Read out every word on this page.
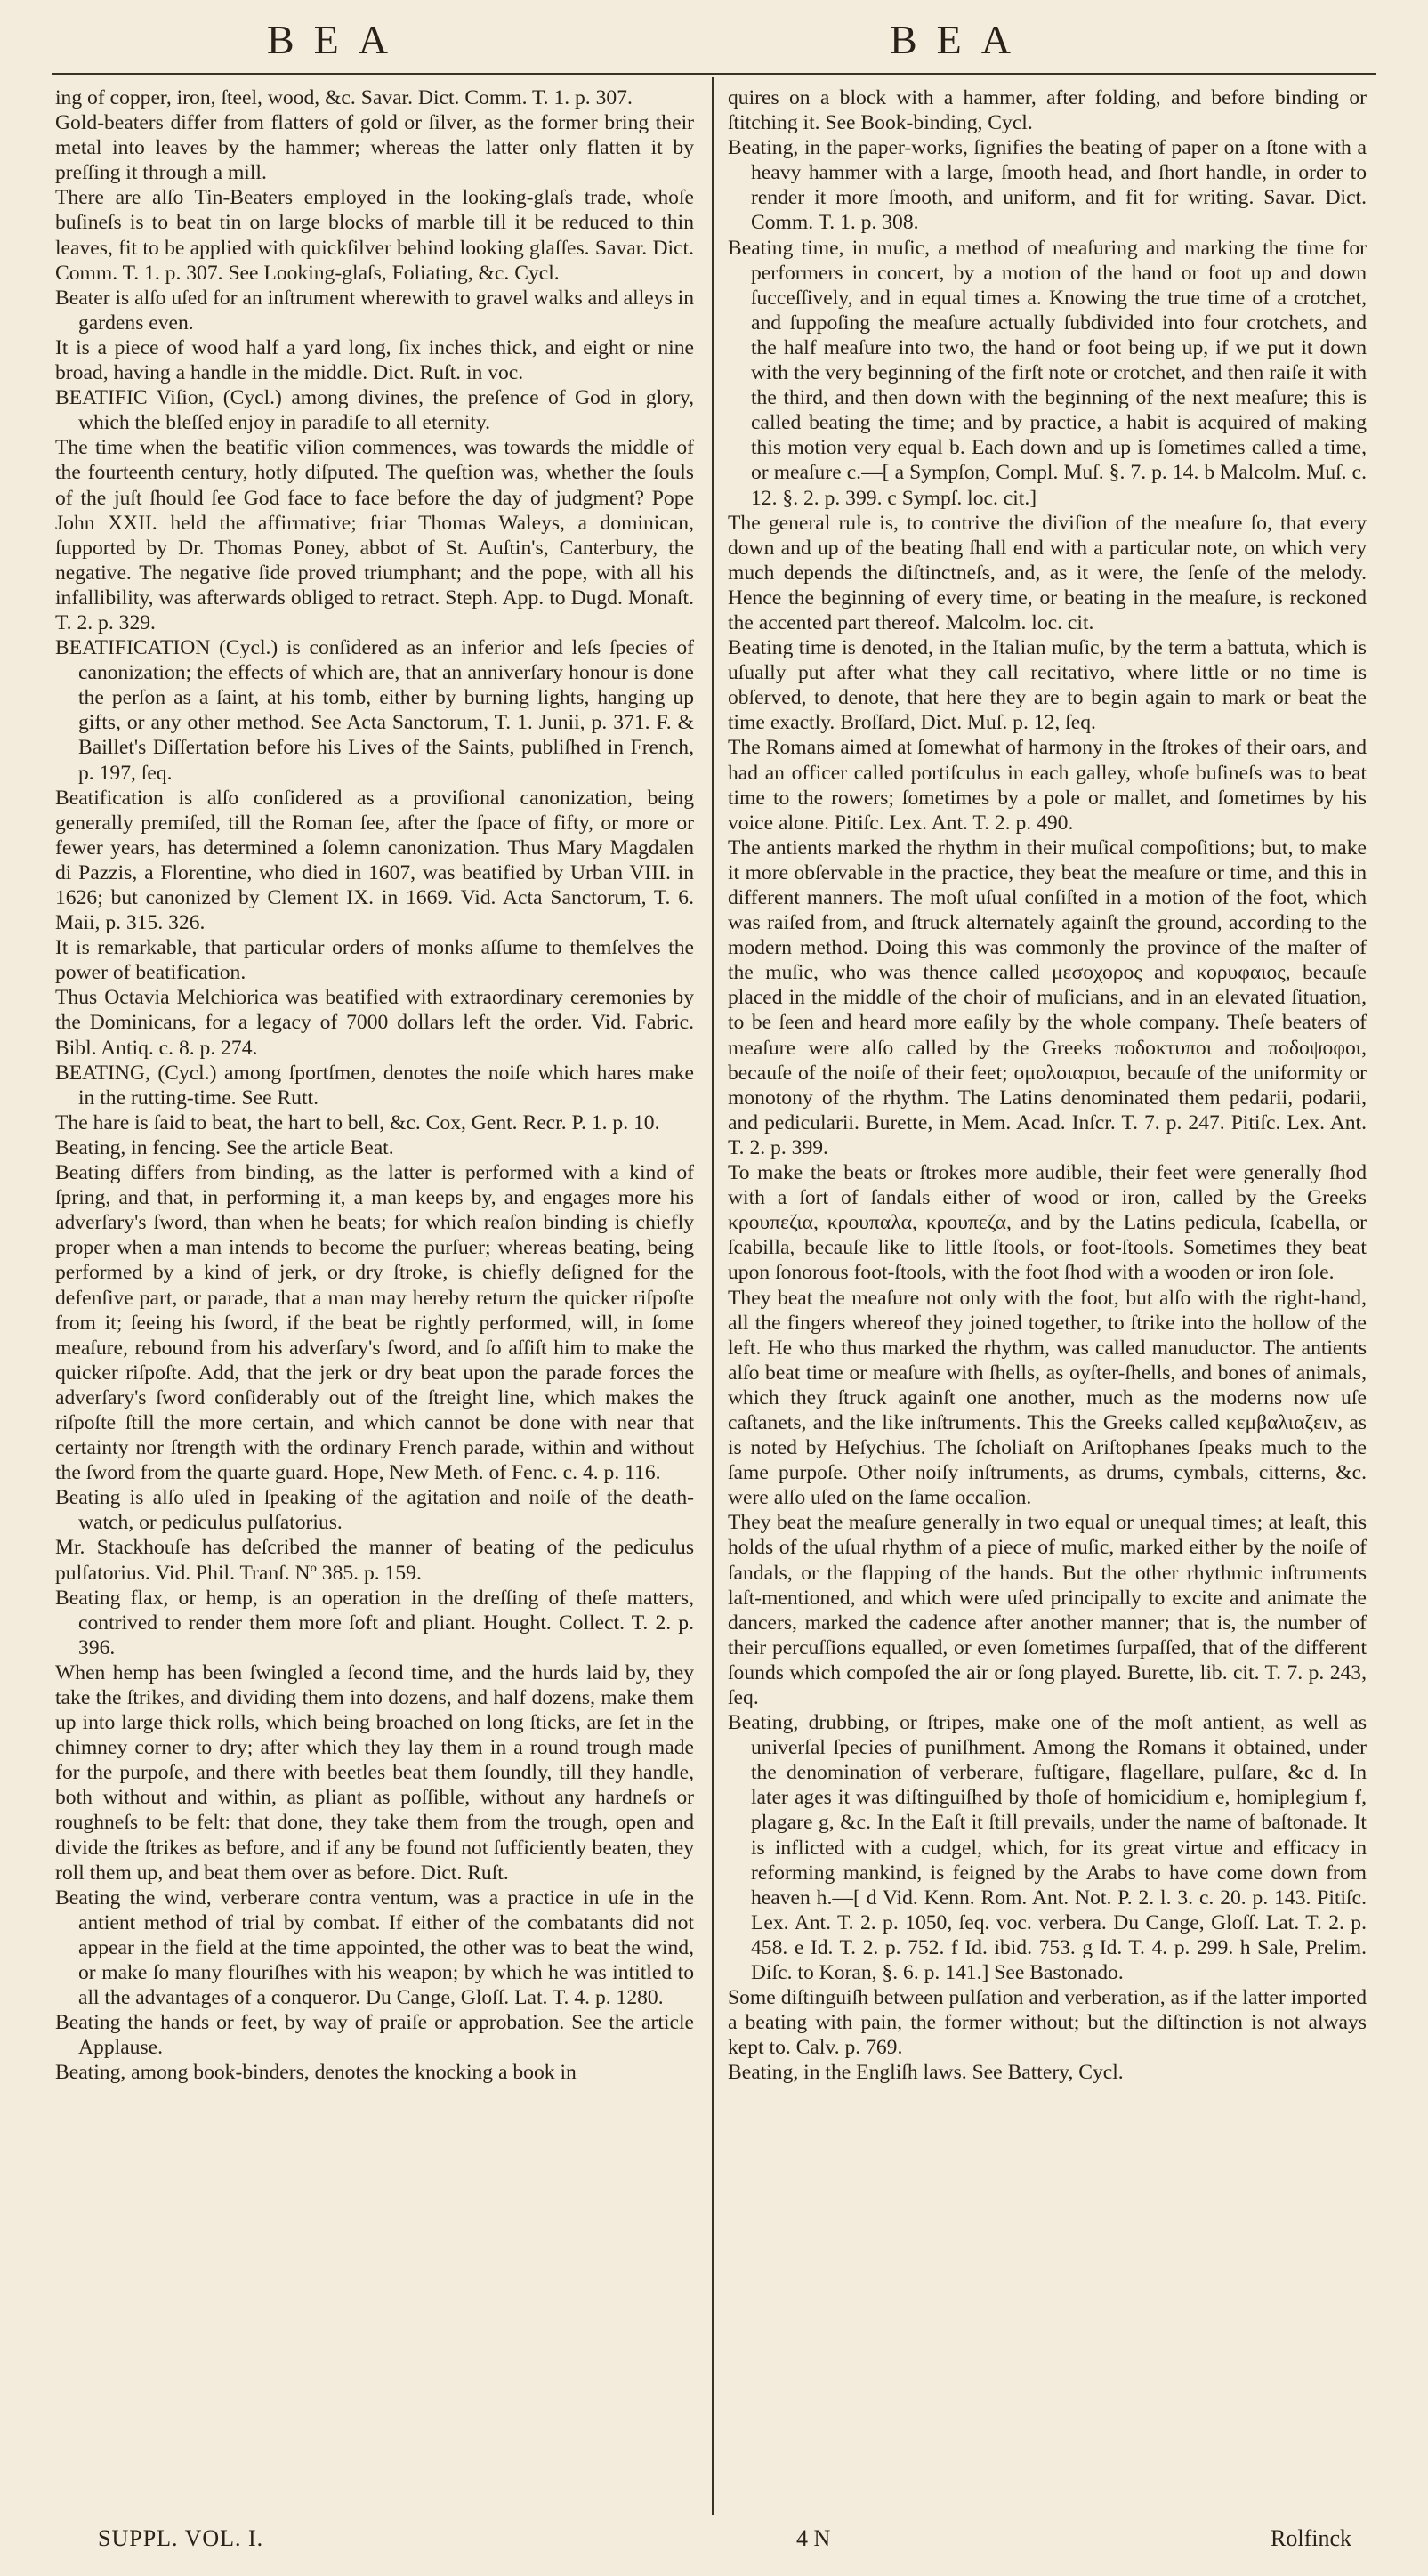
BEA	BEA

ing of copper, iron, ſteel, wood, &c. Savar. Dict. Comm. T. 1. p. 307.

Gold-beaters differ from flatters of gold or ſilver, as the former bring their metal into leaves by the hammer; whereas the latter only flatten it by preſſing it through a mill.

There are alſo Tin-Beaters employed in the looking-glaſs trade, whoſe buſineſs is to beat tin on large blocks of marble till it be reduced to thin leaves, fit to be applied with quickſilver behind looking glaſſes. Savar. Dict. Comm. T. 1. p. 307. See Looking-glaſs, Foliating, &c. Cycl.

Beater is alſo uſed for an inſtrument wherewith to gravel walks and alleys in gardens even.

It is a piece of wood half a yard long, ſix inches thick, and eight or nine broad, having a handle in the middle. Dict. Ruſt. in voc.

BEATIFIC Viſion, (Cycl.) among divines, the preſence of God in glory, which the bleſſed enjoy in paradiſe to all eternity.

The time when the beatific viſion commences, was towards the middle of the fourteenth century, hotly diſputed. The queſtion was, whether the ſouls of the juſt ſhould ſee God face to face before the day of judgment? Pope John XXII. held the affirmative; friar Thomas Waleys, a dominican, ſupported by Dr. Thomas Poney, abbot of St. Auſtin's, Canterbury, the negative. The negative ſide proved triumphant; and the pope, with all his infallibility, was afterwards obliged to retract. Steph. App. to Dugd. Monaſt. T. 2. p. 329.

BEATIFICATION (Cycl.) is conſidered as an inferior and leſs ſpecies of canonization; the effects of which are, that an anniverſary honour is done the perſon as a ſaint, at his tomb, either by burning lights, hanging up gifts, or any other method. See Acta Sanctorum, T. 1. Junii, p. 371. F. & Baillet's Diſſertation before his Lives of the Saints, publiſhed in French, p. 197, ſeq.

Beatification is alſo conſidered as a proviſional canonization, being generally premiſed, till the Roman ſee, after the ſpace of fifty, or more or fewer years, has determined a ſolemn canonization. Thus Mary Magdalen di Pazzis, a Florentine, who died in 1607, was beatified by Urban VIII. in 1626; but canonized by Clement IX. in 1669. Vid. Acta Sanctorum, T. 6. Maii, p. 315. 326.

It is remarkable, that particular orders of monks aſſume to themſelves the power of beatification.

Thus Octavia Melchiorica was beatified with extraordinary ceremonies by the Dominicans, for a legacy of 7000 dollars left the order. Vid. Fabric. Bibl. Antiq. c. 8. p. 274.

BEATING, (Cycl.) among ſportſmen, denotes the noiſe which hares make in the rutting-time. See Rutt.

The hare is ſaid to beat, the hart to bell, &c. Cox, Gent. Recr. P. 1. p. 10.

Beating, in fencing. See the article Beat.

Beating differs from binding, as the latter is performed with a kind of ſpring, and that, in performing it, a man keeps by, and engages more his adverſary's ſword, than when he beats; for which reaſon binding is chiefly proper when a man intends to become the purſuer; whereas beating, being performed by a kind of jerk, or dry ſtroke, is chiefly deſigned for the defenſive part, or parade, that a man may hereby return the quicker riſpoſte from it; ſeeing his ſword, if the beat be rightly performed, will, in ſome meaſure, rebound from his adverſary's ſword, and ſo aſſiſt him to make the quicker riſpoſte. Add, that the jerk or dry beat upon the parade forces the adverſary's ſword conſiderably out of the ſtreight line, which makes the riſpoſte ſtill the more certain, and which cannot be done with near that certainty nor ſtrength with the ordinary French parade, within and without the ſword from the quarte guard. Hope, New Meth. of Fenc. c. 4. p. 116.

Beating is alſo uſed in ſpeaking of the agitation and noiſe of the death-watch, or pediculus pulſatorius.

Mr. Stackhouſe has deſcribed the manner of beating of the pediculus pulſatorius. Vid. Phil. Tranſ. Nº 385. p. 159.

Beating flax, or hemp, is an operation in the dreſſing of theſe matters, contrived to render them more ſoft and pliant. Hought. Collect. T. 2. p. 396.

When hemp has been ſwingled a ſecond time, and the hurds laid by, they take the ſtrikes, and dividing them into dozens, and half dozens, make them up into large thick rolls, which being broached on long ſticks, are ſet in the chimney corner to dry; after which they lay them in a round trough made for the purpoſe, and there with beetles beat them ſoundly, till they handle, both without and within, as pliant as poſſible, without any hardneſs or roughneſs to be felt: that done, they take them from the trough, open and divide the ſtrikes as before, and if any be found not ſufficiently beaten, they roll them up, and beat them over as before. Dict. Ruſt.

Beating the wind, verberare contra ventum, was a practice in uſe in the antient method of trial by combat. If either of the combatants did not appear in the field at the time appointed, the other was to beat the wind, or make ſo many flouriſhes with his weapon; by which he was intitled to all the advantages of a conqueror. Du Cange, Gloſſ. Lat. T. 4. p. 1280.

Beating the hands or feet, by way of praiſe or approbation. See the article Applause.

Beating, among book-binders, denotes the knocking a book in

quires on a block with a hammer, after folding, and before binding or ſtitching it. See Book-binding, Cycl.

Beating, in the paper-works, ſignifies the beating of paper on a ſtone with a heavy hammer with a large, ſmooth head, and ſhort handle, in order to render it more ſmooth, and uniform, and fit for writing. Savar. Dict. Comm. T. 1. p. 308.

Beating time, in muſic, a method of meaſuring and marking the time for performers in concert, by a motion of the hand or foot up and down ſucceſſively, and in equal times a. Knowing the true time of a crotchet, and ſuppoſing the meaſure actually ſubdivided into four crotchets, and the half meaſure into two, the hand or foot being up, if we put it down with the very beginning of the firſt note or crotchet, and then raiſe it with the third, and then down with the beginning of the next meaſure; this is called beating the time; and by practice, a habit is acquired of making this motion very equal b. Each down and up is ſometimes called a time, or meaſure c.—[ a Sympſon, Compl. Muſ. §. 7. p. 14. b Malcolm. Muſ. c. 12. §. 2. p. 399. c Sympſ. loc. cit.]

The general rule is, to contrive the diviſion of the meaſure ſo, that every down and up of the beating ſhall end with a particular note, on which very much depends the diſtinctneſs, and, as it were, the ſenſe of the melody. Hence the beginning of every time, or beating in the meaſure, is reckoned the accented part thereof. Malcolm. loc. cit.

Beating time is denoted, in the Italian muſic, by the term a battuta, which is uſually put after what they call recitativo, where little or no time is obſerved, to denote, that here they are to begin again to mark or beat the time exactly. Broſſard, Dict. Muſ. p. 12, ſeq.

The Romans aimed at ſomewhat of harmony in the ſtrokes of their oars, and had an officer called portiſculus in each galley, whoſe buſineſs was to beat time to the rowers; ſometimes by a pole or mallet, and ſometimes by his voice alone. Pitiſc. Lex. Ant. T. 2. p. 490.

The antients marked the rhythm in their muſical compoſitions; but, to make it more obſervable in the practice, they beat the meaſure or time, and this in different manners. The moſt uſual conſiſted in a motion of the foot, which was raiſed from, and ſtruck alternately againſt the ground, according to the modern method. Doing this was commonly the province of the maſter of the muſic, who was thence called μεσοχορος and κορυφαιος, becauſe placed in the middle of the choir of muſicians, and in an elevated ſituation, to be ſeen and heard more eaſily by the whole company. Theſe beaters of meaſure were alſo called by the Greeks ποδοκτυποι and ποδοψοφοι, becauſe of the noiſe of their feet; ομολοιαριοι, becauſe of the uniformity or monotony of the rhythm. The Latins denominated them pedarii, podarii, and pedicularii. Burette, in Mem. Acad. Inſcr. T. 7. p. 247. Pitiſc. Lex. Ant. T. 2. p. 399.

To make the beats or ſtrokes more audible, their feet were generally ſhod with a ſort of ſandals either of wood or iron, called by the Greeks κρουπεζια, κρουπαλα, κρουπεζα, and by the Latins pedicula, ſcabella, or ſcabilla, becauſe like to little ſtools, or foot-ſtools. Sometimes they beat upon ſonorous foot-ſtools, with the foot ſhod with a wooden or iron ſole.

They beat the meaſure not only with the foot, but alſo with the right-hand, all the fingers whereof they joined together, to ſtrike into the hollow of the left. He who thus marked the rhythm, was called manuductor. The antients alſo beat time or meaſure with ſhells, as oyſter-ſhells, and bones of animals, which they ſtruck againſt one another, much as the moderns now uſe caſtanets, and the like inſtruments. This the Greeks called κεμβαλιαζειν, as is noted by Heſychius. The ſcholiaſt on Ariſtophanes ſpeaks much to the ſame purpoſe. Other noiſy inſtruments, as drums, cymbals, citterns, &c. were alſo uſed on the ſame occaſion.

They beat the meaſure generally in two equal or unequal times; at leaſt, this holds of the uſual rhythm of a piece of muſic, marked either by the noiſe of ſandals, or the flapping of the hands. But the other rhythmic inſtruments laſt-mentioned, and which were uſed principally to excite and animate the dancers, marked the cadence after another manner; that is, the number of their percuſſions equalled, or even ſometimes ſurpaſſed, that of the different ſounds which compoſed the air or ſong played. Burette, lib. cit. T. 7. p. 243, ſeq.

Beating, drubbing, or ſtripes, make one of the moſt antient, as well as univerſal ſpecies of puniſhment. Among the Romans it obtained, under the denomination of verberare, fuſtigare, flagellare, pulſare, &c d. In later ages it was diſtinguiſhed by thoſe of homicidium e, homiplegium f, plagare g, &c. In the Eaſt it ſtill prevails, under the name of baſtonade. It is inflicted with a cudgel, which, for its great virtue and efficacy in reforming mankind, is feigned by the Arabs to have come down from heaven h.—[ d Vid. Kenn. Rom. Ant. Not. P. 2. l. 3. c. 20. p. 143. Pitiſc. Lex. Ant. T. 2. p. 1050, ſeq. voc. verbera. Du Cange, Gloſſ. Lat. T. 2. p. 458. e Id. T. 2. p. 752. f Id. ibid. 753. g Id. T. 4. p. 299. h Sale, Prelim. Diſc. to Koran, §. 6. p. 141.] See Bastonado.

Some diſtinguiſh between pulſation and verberation, as if the latter imported a beating with pain, the former without; but the diſtinction is not always kept to. Calv. p. 769.

Beating, in the Engliſh laws. See Battery, Cycl.

SUPPL. VOL. I.	4 N	Rolfinck
